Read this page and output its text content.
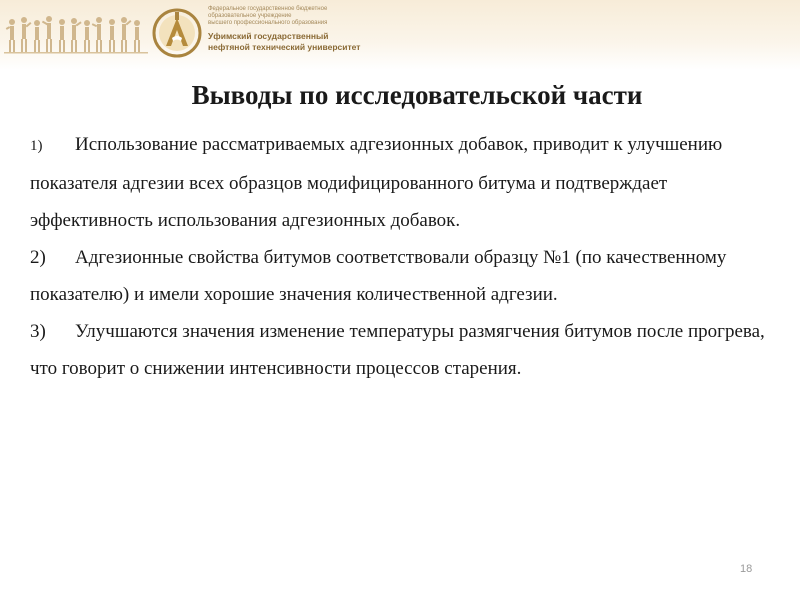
Федеральное государственное бюджетное
образовательное учреждение
высшего профессионального образования
Уфимский государственный
нефтяной технический университет
Выводы по исследовательской части

1) Использование рассматриваемых адгезионных добавок, приводит к улучшению показателя адгезии всех образцов модифицированного битума и подтверждает эффективность использования адгезионных добавок.

2) Адгезионные свойства битумов соответствовали образцу №1 (по качественному показателю) и имели хорошие значения количественной адгезии.

3) Улучшаются значения изменение температуры размягчения битумов после прогрева, что говорит о снижении интенсивности процессов старения.

18
